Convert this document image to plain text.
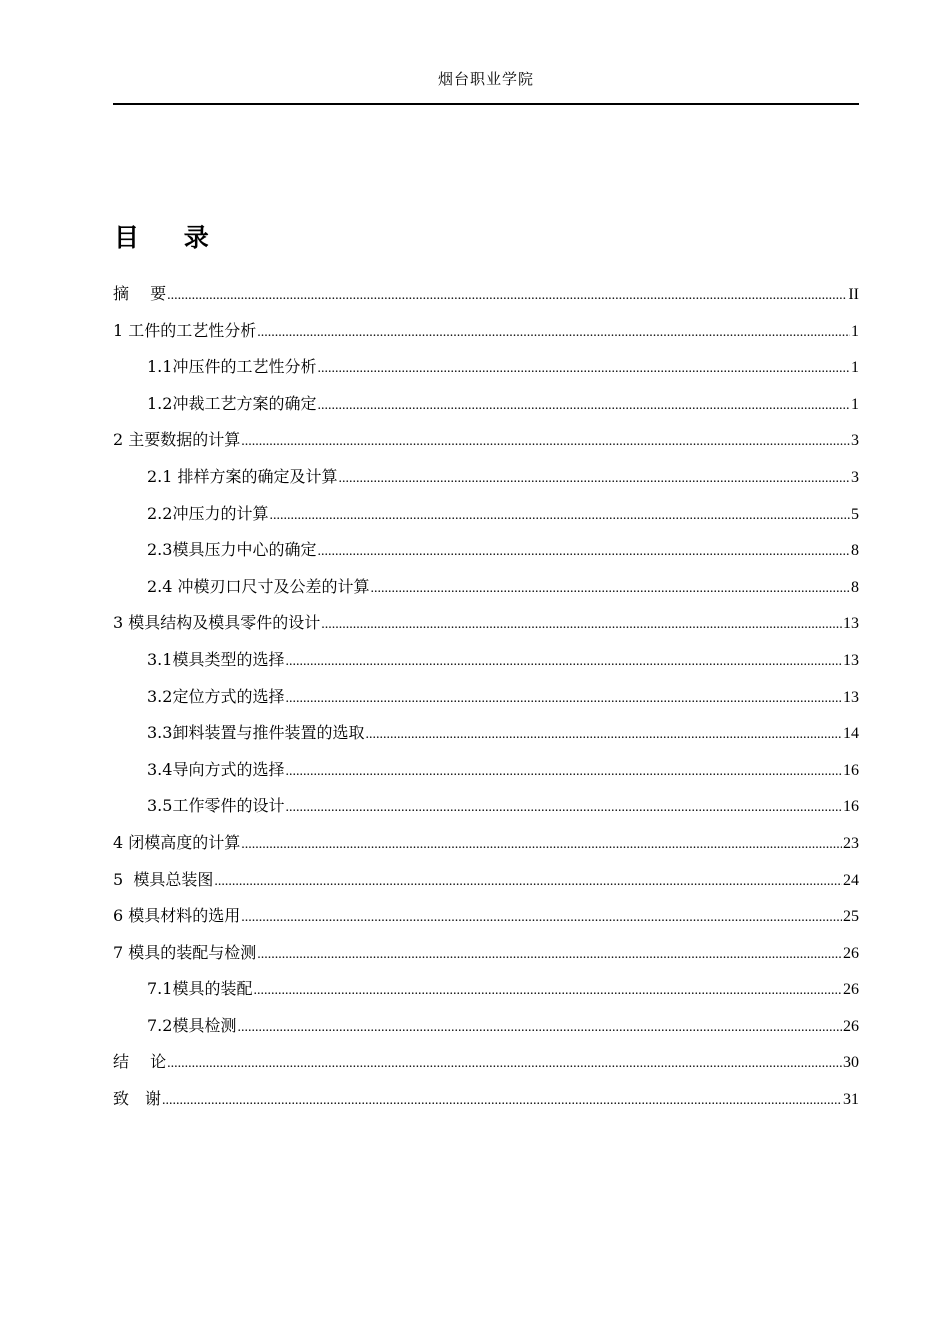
烟台职业学院
目 录
摘　 要 .....	II
1 工件的工艺性分析 .....	1
1.1冲压件的工艺性分析 .....	1
1.2冲裁工艺方案的确定 .....	1
2 主要数据的计算 .....	3
2.1 排样方案的确定及计算 .....	3
2.2冲压力的计算 .....	5
2.3模具压力中心的确定 .....	8
2.4 冲模刃口尺寸及公差的计算 .....	8
3 模具结构及模具零件的设计 .....	13
3.1模具类型的选择 .....	13
3.2定位方式的选择 .....	13
3.3卸料装置与推件装置的选取 .....	14
3.4导向方式的选择 .....	16
3.5工作零件的设计 .....	16
4 闭模高度的计算 .....	23
5  模具总装图 .....	24
6 模具材料的选用 .....	25
7 模具的装配与检测 .....	26
7.1模具的装配 .....	26
7.2模具检测 .....	26
结　 论 .....	30
致　谢 .....	31
